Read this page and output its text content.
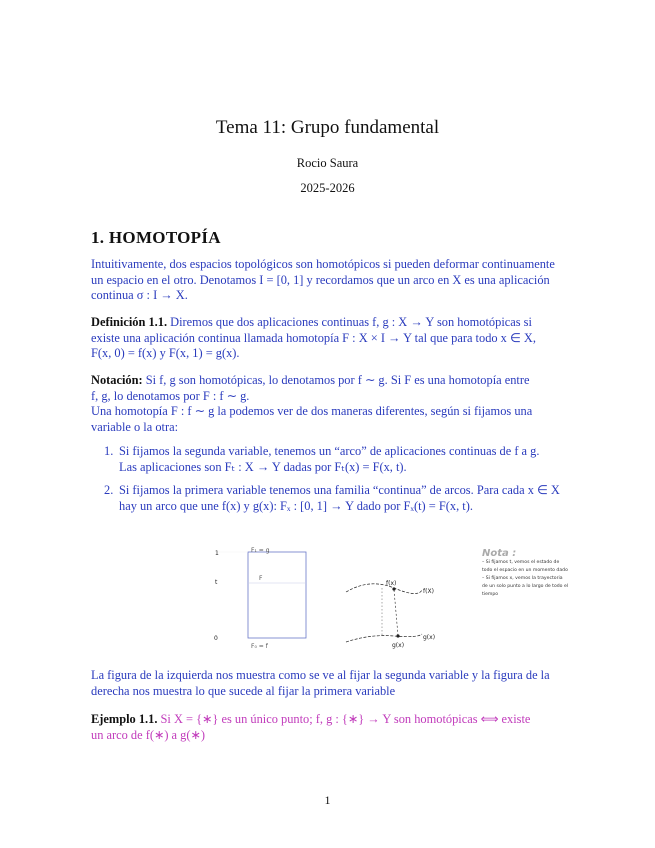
Tema 11: Grupo fundamental
Rocio Saura
2025-2026
1. HOMOTOPÍA
Intuitivamente, dos espacios topológicos son homotópicos si pueden deformar continuamente
un espacio en el otro. Denotamos I = [0, 1] y recordamos que un arco en X es una aplicación
continua σ : I → X.
Definición 1.1. Diremos que dos aplicaciones continuas f, g : X → Y son homotópicas si
existe una aplicación continua llamada homotopía F : X × I → Y tal que para todo x ∈ X,
F(x, 0) = f(x) y F(x, 1) = g(x).
Notación: Si f, g son homotópicas, lo denotamos por f ∼ g. Si F es una homotopía entre
f, g, lo denotamos por F : f ∼ g.
Una homotopía F : f ∼ g la podemos ver de dos maneras diferentes, según si fijamos una
variable o la otra:
1. Si fijamos la segunda variable, tenemos un “arco” de aplicaciones continuas de f a g.
Las aplicaciones son Fₜ : X → Y dadas por Fₜ(x) = F(x, t).
2. Si fijamos la primera variable tenemos una familia “continua” de arcos. Para cada x ∈ X
hay un arco que une f(x) y g(x): Fₓ : [0, 1] → Y dado por Fₓ(t) = F(x, t).
1
t
0
F₁ = g
F₀ = f
F
f(x)
g(x)
f(X)
g(x)
Nota :
– Si fijamos t, vemos el estado de
todo el espacio en un momento dado
– Si fijamos x, vemos la trayectoria
de un solo punto a lo largo de todo el
tiempo
La figura de la izquierda nos muestra como se ve al fijar la segunda variable y la figura de la
derecha nos muestra lo que sucede al fijar la primera variable
Ejemplo 1.1. Si X = {∗} es un único punto; f, g : {∗} → Y son homotópicas ⟺ existe
un arco de f(∗) a g(∗)
1
